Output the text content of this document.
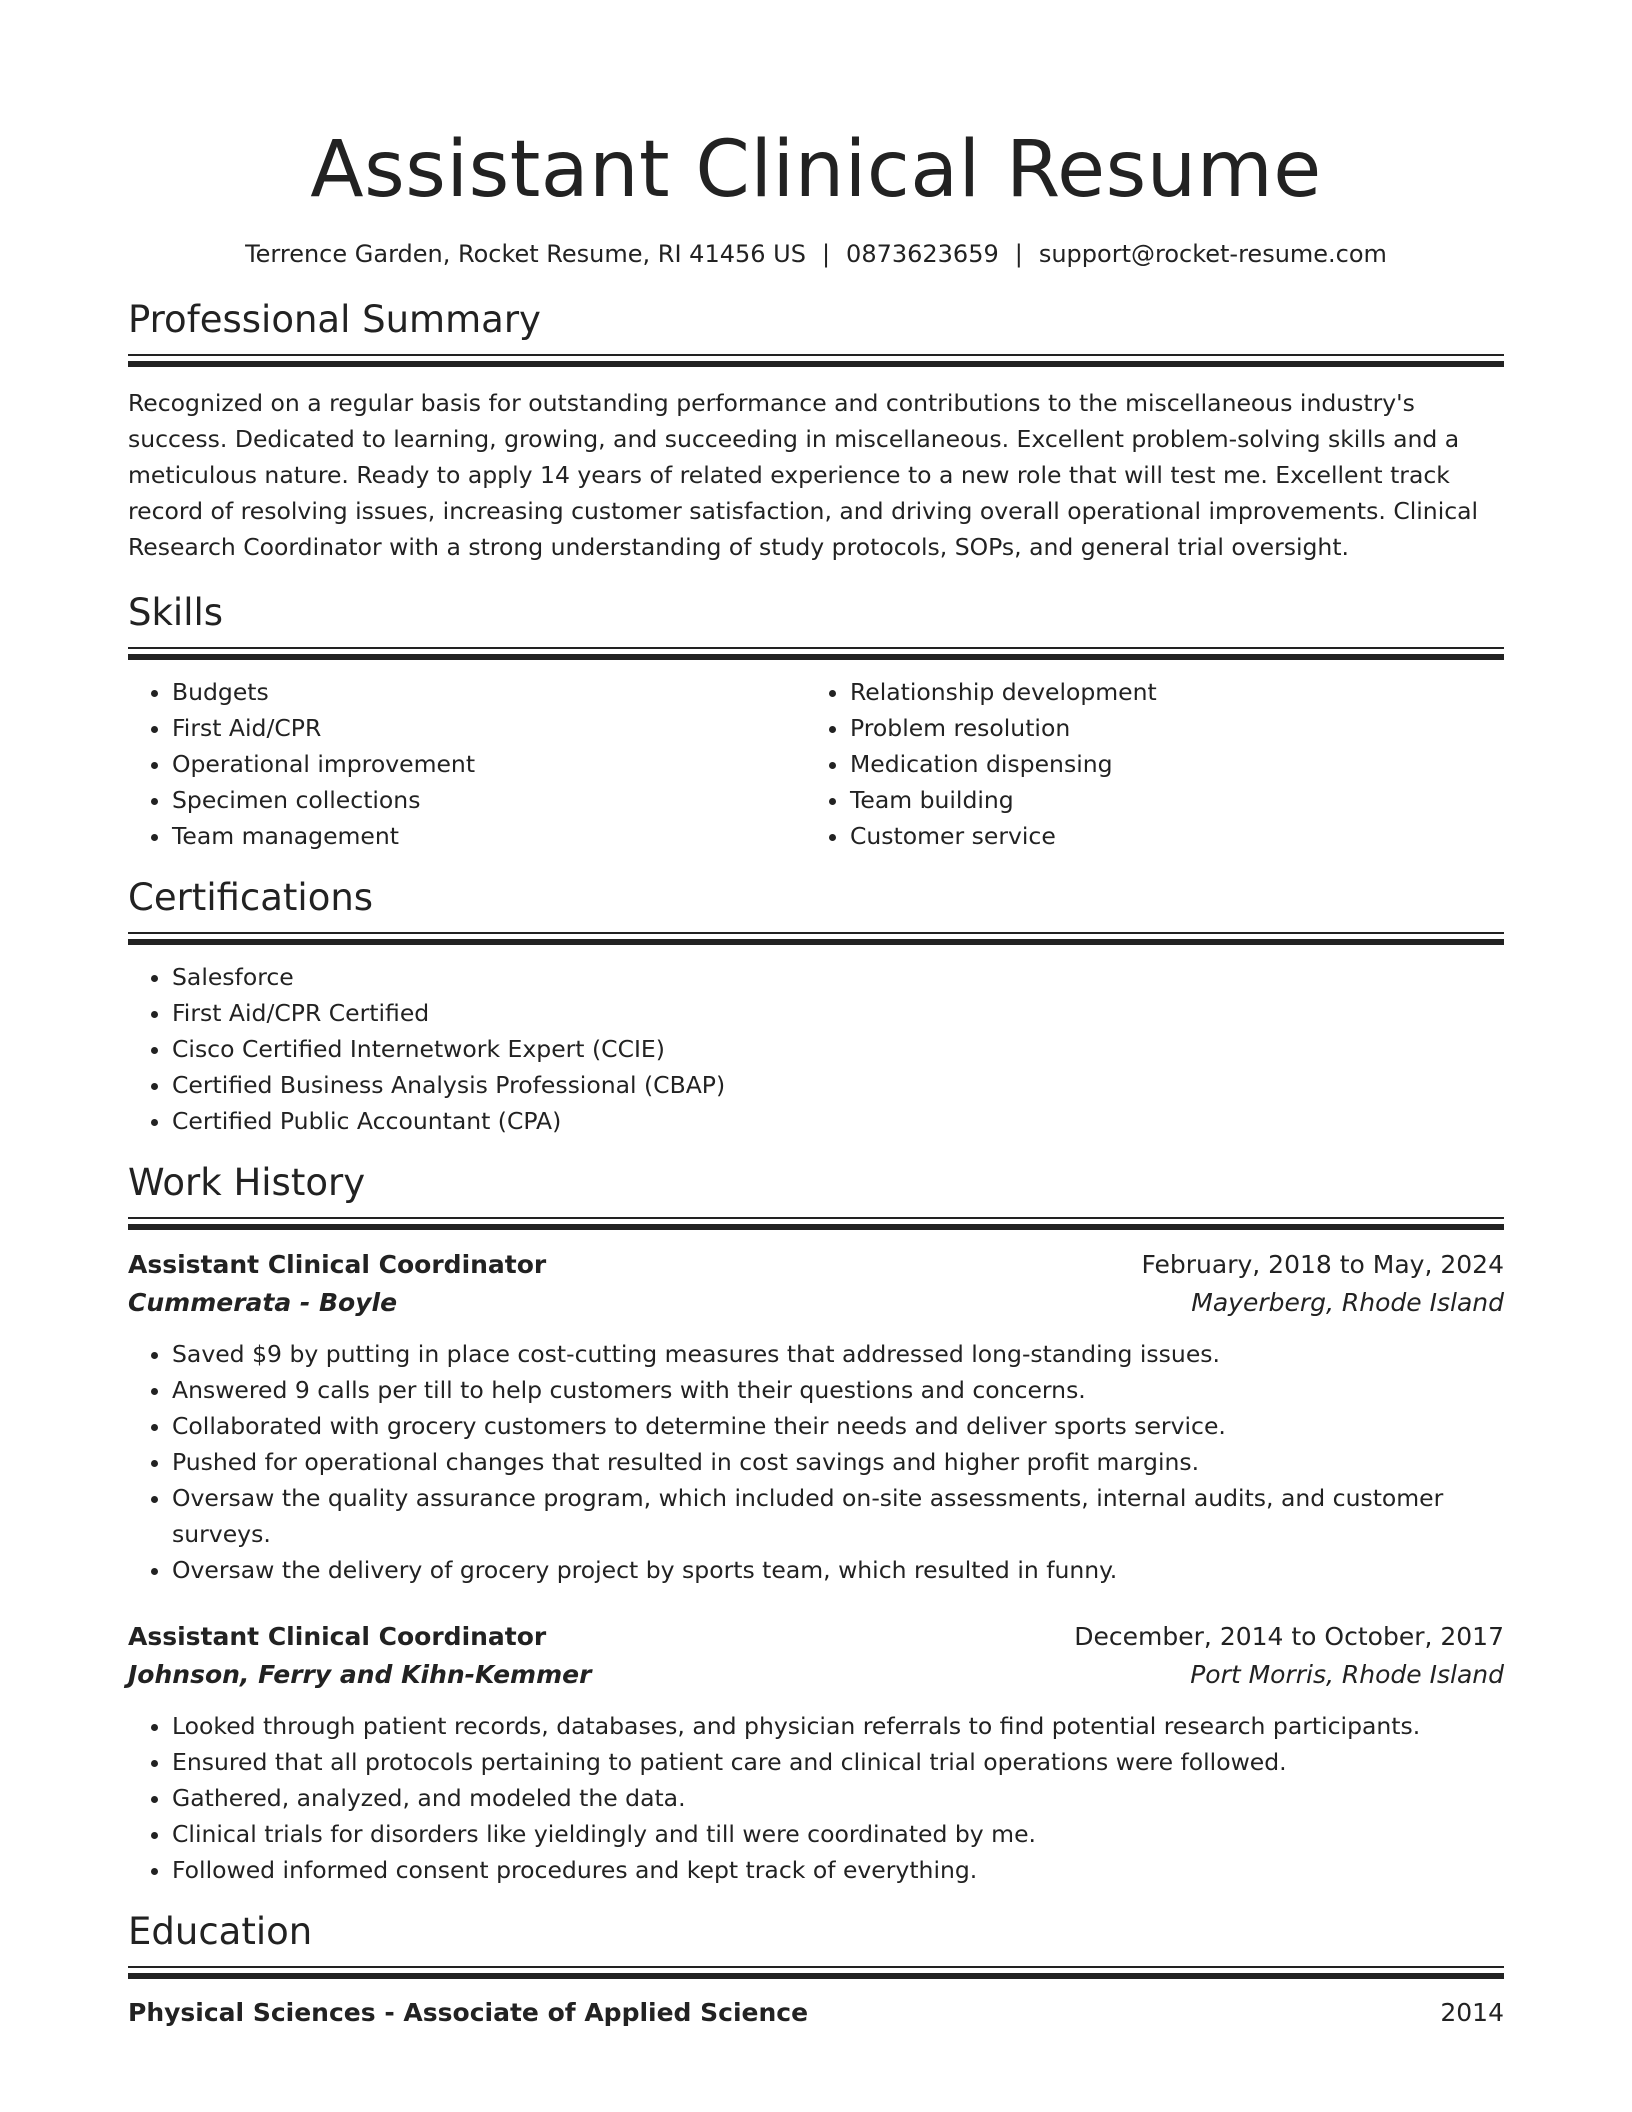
Assistant Clinical Resume
Terrence Garden, Rocket Resume, RI 41456 US | 0873623659 | support@rocket-resume.com
Professional Summary
Recognized on a regular basis for outstanding performance and contributions to the miscellaneous industry's success. Dedicated to learning, growing, and succeeding in miscellaneous. Excellent problem-solving skills and a meticulous nature. Ready to apply 14 years of related experience to a new role that will test me. Excellent track record of resolving issues, increasing customer satisfaction, and driving overall operational improvements. Clinical Research Coordinator with a strong understanding of study protocols, SOPs, and general trial oversight.
Skills
• Budgets
• First Aid/CPR
• Operational improvement
• Specimen collections
• Team management
• Relationship development
• Problem resolution
• Medication dispensing
• Team building
• Customer service
Certifications
• Salesforce
• First Aid/CPR Certified
• Cisco Certified Internetwork Expert (CCIE)
• Certified Business Analysis Professional (CBAP)
• Certified Public Accountant (CPA)
Work History
Assistant Clinical Coordinator	February, 2018 to May, 2024
Cummerata - Boyle	Mayerberg, Rhode Island
• Saved $9 by putting in place cost-cutting measures that addressed long-standing issues.
• Answered 9 calls per till to help customers with their questions and concerns.
• Collaborated with grocery customers to determine their needs and deliver sports service.
• Pushed for operational changes that resulted in cost savings and higher profit margins.
• Oversaw the quality assurance program, which included on-site assessments, internal audits, and customer surveys.
• Oversaw the delivery of grocery project by sports team, which resulted in funny.
Assistant Clinical Coordinator	December, 2014 to October, 2017
Johnson, Ferry and Kihn-Kemmer	Port Morris, Rhode Island
• Looked through patient records, databases, and physician referrals to find potential research participants.
• Ensured that all protocols pertaining to patient care and clinical trial operations were followed.
• Gathered, analyzed, and modeled the data.
• Clinical trials for disorders like yieldingly and till were coordinated by me.
• Followed informed consent procedures and kept track of everything.
Education
Physical Sciences - Associate of Applied Science	2014
